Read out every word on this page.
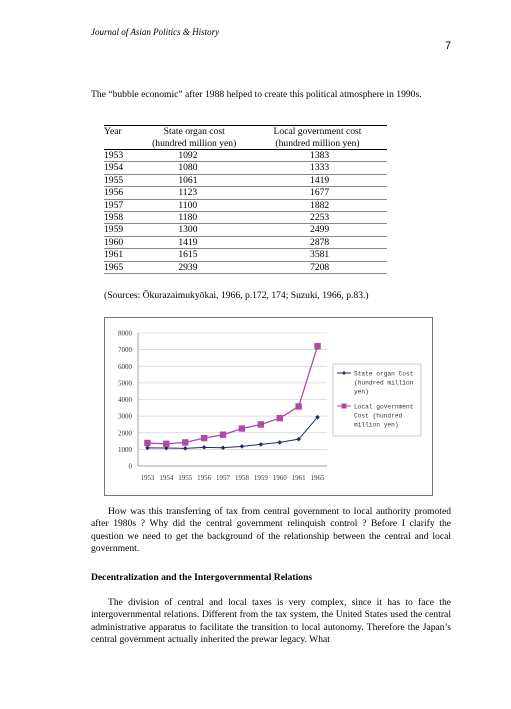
Journal of Asian Politics & History
7
The “bubble economic” after 1988 helped to create this political atmosphere in 1990s.
Year	State organ cost	Local government cost
	(hundred million yen)	(hundred million yen)
1953	1092	1383
1954	1080	1333
1955	1061	1419
1956	1123	1677
1957	1100	1882
1958	1180	2253
1959	1300	2499
1960	1419	2878
1961	1615	3581
1965	2939	7208
(Sources: Ōkurazaimukyōkai, 1966, p.172, 174; Suzuki, 1966, p.83.)
0
1000
2000
3000
4000
5000
6000
7000
8000
1953 1954 1955 1956 1957 1958 1959 1960 1961 1965
State organ Cost
(hundred million
yen)
Local government
Cost (hundred
million yen)
How was this transferring of tax from central government to local authority promoted after 1980s ? Why did the central government relinquish control ? Before I clarify the question we need to get the background of the relationship between the central and local government.
Decentralization and the Intergovernmental Relations
The division of central and local taxes is very complex, since it has to face the intergovernmental relations. Different from the tax system, the United States used the central administrative apparatus to facilitate the transition to local autonomy. Therefore the Japan’s central government actually inherited the prewar legacy. What
